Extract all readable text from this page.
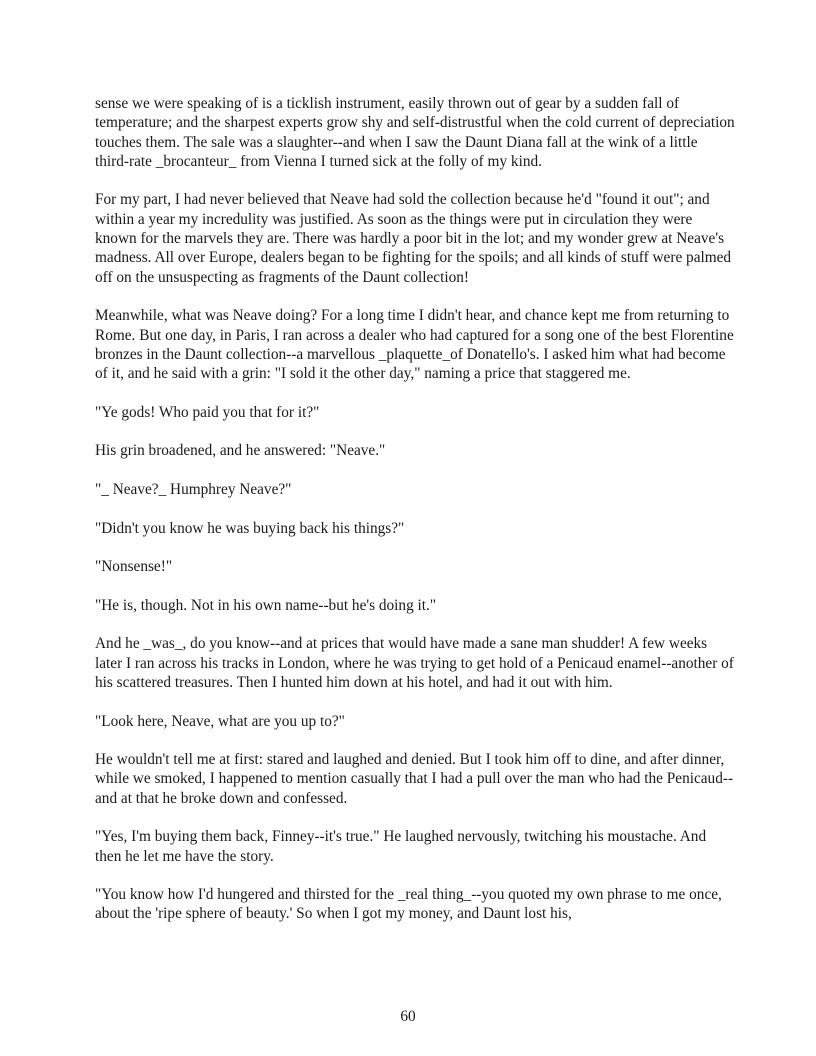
sense we were speaking of is a ticklish instrument, easily thrown out of gear by a sudden fall of temperature; and the sharpest experts grow shy and self-distrustful when the cold current of depreciation touches them. The sale was a slaughter--and when I saw the Daunt Diana fall at the wink of a little third-rate _brocanteur_ from Vienna I turned sick at the folly of my kind.

For my part, I had never believed that Neave had sold the collection because he'd "found it out"; and within a year my incredulity was justified. As soon as the things were put in circulation they were known for the marvels they are. There was hardly a poor bit in the lot; and my wonder grew at Neave's madness. All over Europe, dealers began to be fighting for the spoils; and all kinds of stuff were palmed off on the unsuspecting as fragments of the Daunt collection!

Meanwhile, what was Neave doing? For a long time I didn't hear, and chance kept me from returning to Rome. But one day, in Paris, I ran across a dealer who had captured for a song one of the best Florentine bronzes in the Daunt collection--a marvellous _plaquette_of Donatello's. I asked him what had become of it, and he said with a grin: "I sold it the other day," naming a price that staggered me.

"Ye gods! Who paid you that for it?"

His grin broadened, and he answered: "Neave."

"_ Neave?_ Humphrey Neave?"

"Didn't you know he was buying back his things?"

"Nonsense!"

"He is, though. Not in his own name--but he's doing it."

And he _was_, do you know--and at prices that would have made a sane man shudder! A few weeks later I ran across his tracks in London, where he was trying to get hold of a Penicaud enamel--another of his scattered treasures. Then I hunted him down at his hotel, and had it out with him.

"Look here, Neave, what are you up to?"

He wouldn't tell me at first: stared and laughed and denied. But I took him off to dine, and after dinner, while we smoked, I happened to mention casually that I had a pull over the man who had the Penicaud--and at that he broke down and confessed.

"Yes, I'm buying them back, Finney--it's true." He laughed nervously, twitching his moustache. And then he let me have the story.

"You know how I'd hungered and thirsted for the _real thing_--you quoted my own phrase to me once, about the 'ripe sphere of beauty.' So when I got my money, and Daunt lost his,

60
